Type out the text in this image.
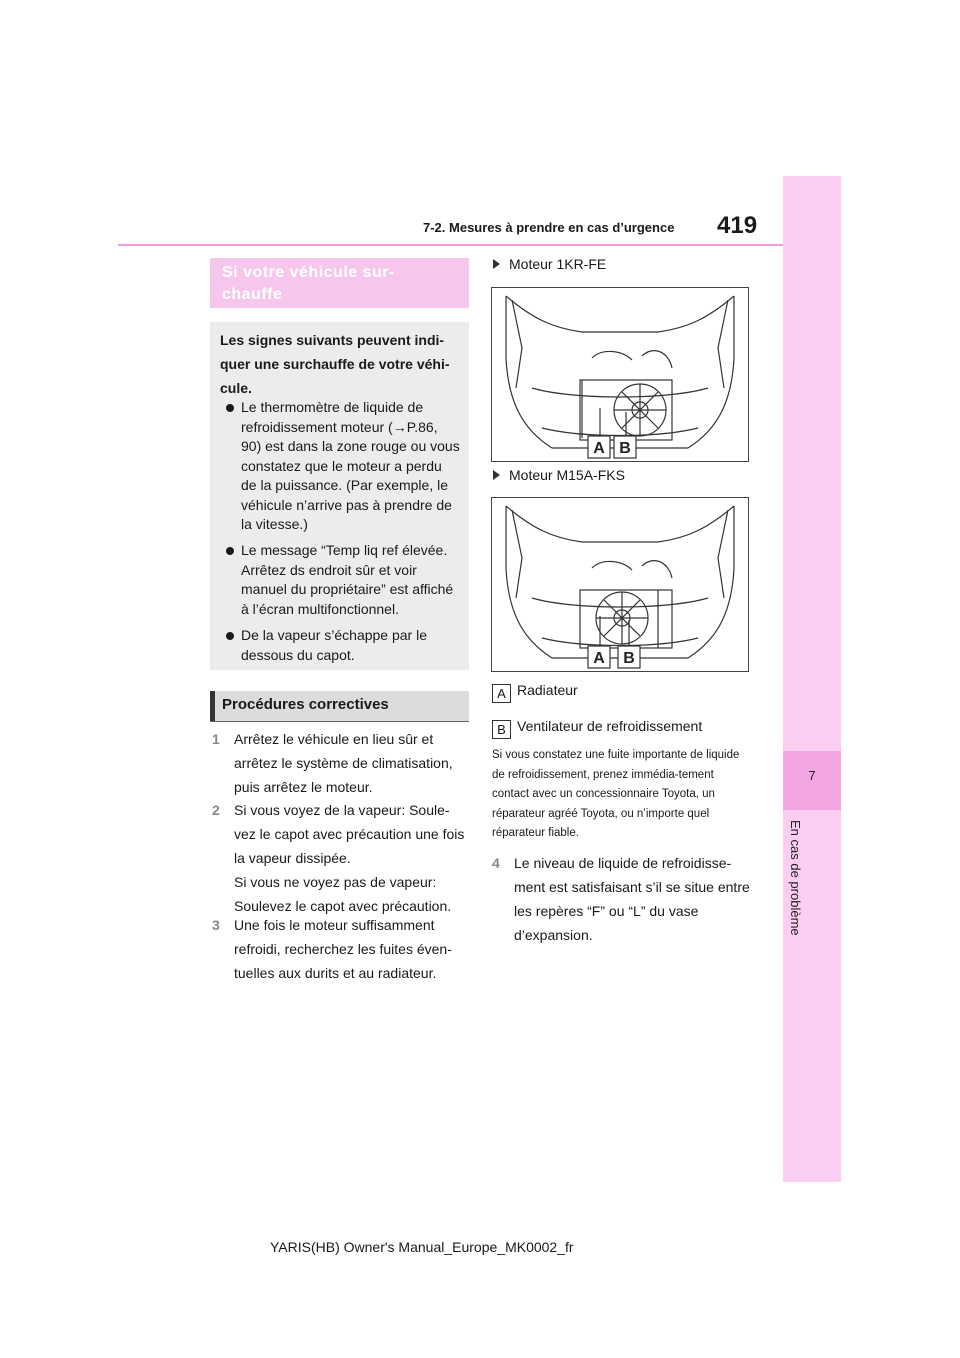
7-2. Mesures à prendre en cas d’urgence 419
7
En cas de problème
Si votre véhicule sur-chauffe
Les signes suivants peuvent indi-quer une surchauffe de votre véhi-cule.
Le thermomètre de liquide de refroidissement moteur (→P.86, 90) est dans la zone rouge ou vous constatez que le moteur a perdu de la puissance. (Par exemple, le véhicule n’arrive pas à prendre de la vitesse.)
Le message “Temp liq ref élevée. Arrêtez ds endroit sûr et voir manuel du propriétaire” est affiché à l’écran multifonctionnel.
De la vapeur s’échappe par le dessous du capot.
Procédures correctives
1	Arrêtez le véhicule en lieu sûr et arrêtez le système de climatisation, puis arrêtez le moteur.
2	Si vous voyez de la vapeur: Soule-vez le capot avec précaution une fois la vapeur dissipée.
Si vous ne voyez pas de vapeur: Soulevez le capot avec précaution.
3	Une fois le moteur suffisamment refroidi, recherchez les fuites éven-tuelles aux durits et au radiateur.
Moteur 1KR-FE
A B
Moteur M15A-FKS
A B
A Radiateur
B Ventilateur de refroidissement
Si vous constatez une fuite importante de liquide de refroidissement, prenez immédia-tement contact avec un concessionnaire Toyota, un réparateur agréé Toyota, ou n’importe quel réparateur fiable.
4	Le niveau de liquide de refroidisse-ment est satisfaisant s’il se situe entre les repères “F” ou “L” du vase d’expansion.
YARIS(HB) Owner's Manual_Europe_MK0002_fr
